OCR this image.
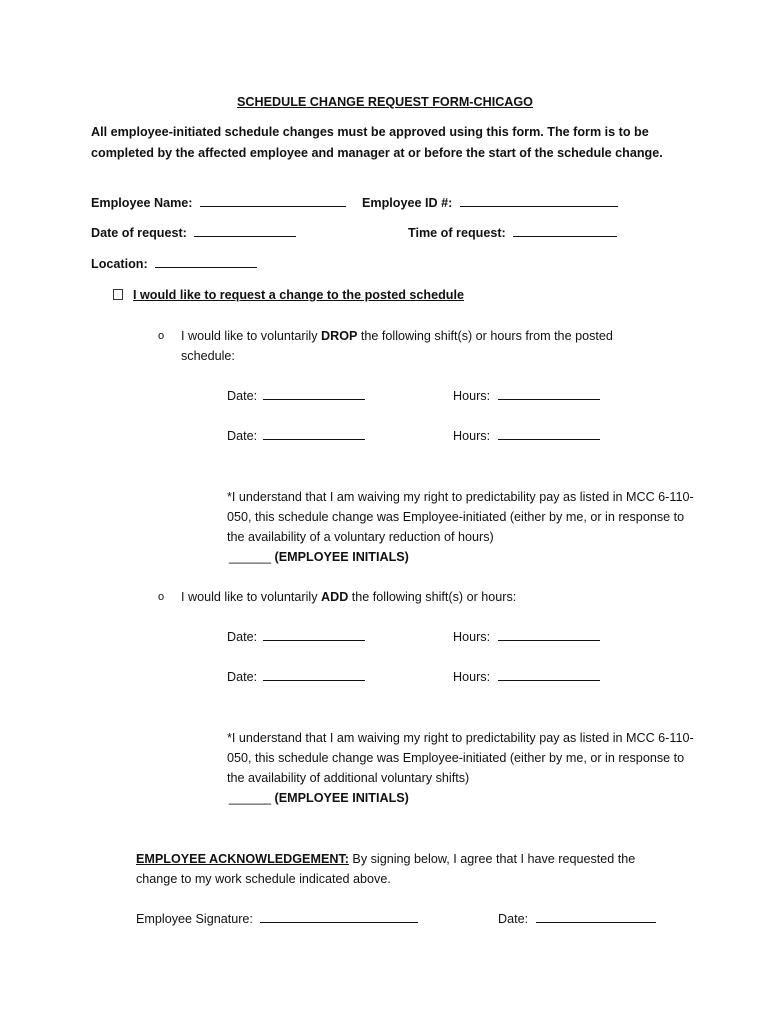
SCHEDULE CHANGE REQUEST FORM-CHICAGO
All employee-initiated schedule changes must be approved using this form. The form is to be completed by the affected employee and manager at or before the start of the schedule change.
Employee Name:	Employee ID #:
Date of request:	Time of request:
Location:
I would like to request a change to the posted schedule
o I would like to voluntarily DROP the following shift(s) or hours from the posted
schedule:
Date:	Hours:
Date:	Hours:
*I understand that I am waiving my right to predictability pay as listed in MCC 6-110-050, this schedule change was Employee-initiated (either by me, or in response to the availability of a voluntary reduction of hours)
______ (EMPLOYEE INITIALS)
o I would like to voluntarily ADD the following shift(s) or hours:
Date:	Hours:
Date:	Hours:
*I understand that I am waiving my right to predictability pay as listed in MCC 6-110-050, this schedule change was Employee-initiated (either by me, or in response to the availability of additional voluntary shifts)
______ (EMPLOYEE INITIALS)
EMPLOYEE ACKNOWLEDGEMENT: By signing below, I agree that I have requested the change to my work schedule indicated above.
Employee Signature:	Date:
